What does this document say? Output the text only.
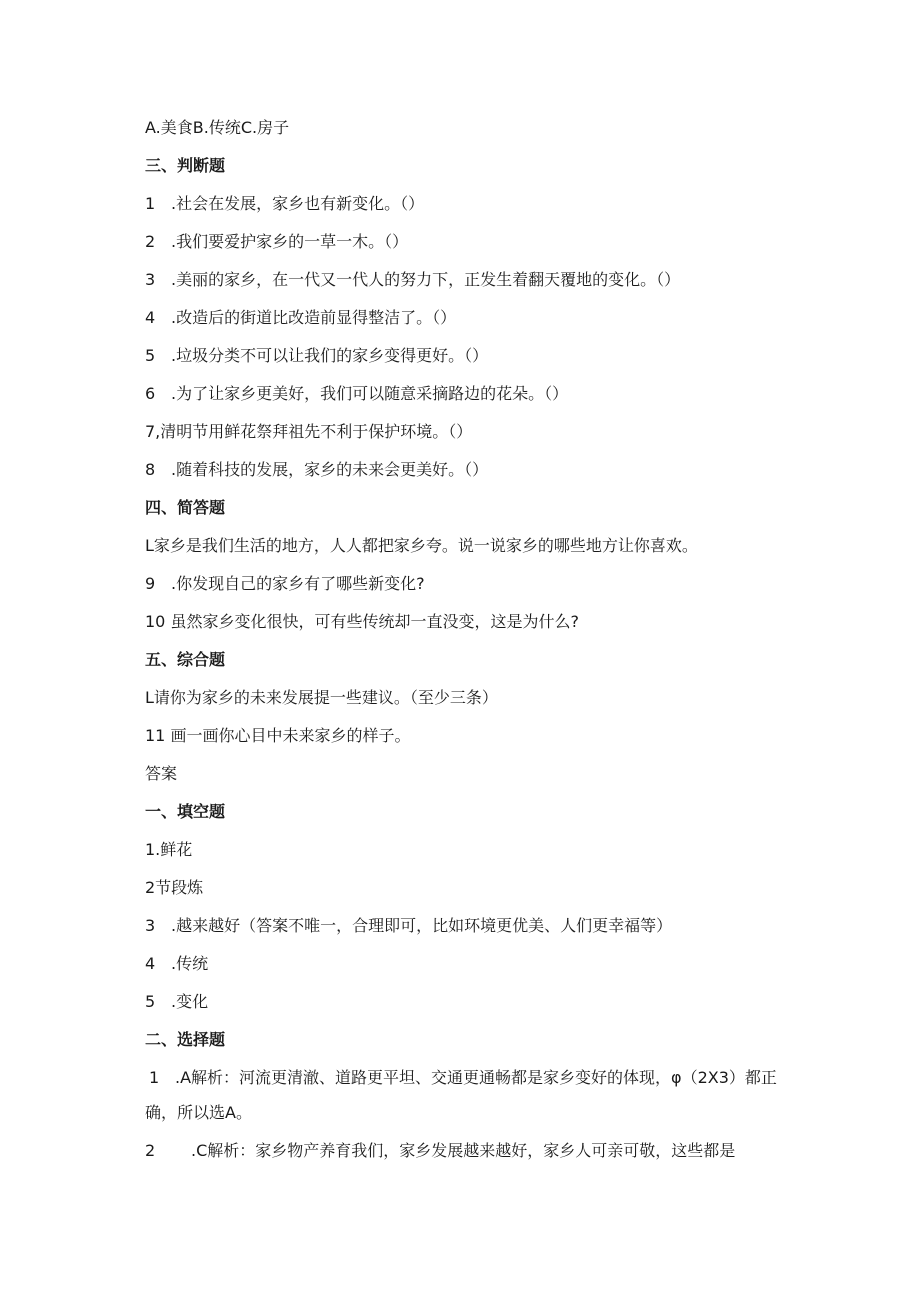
A.美食B.传统C.房子
三、判断题
1 .社会在发展，家乡也有新变化。（）
2 .我们要爱护家乡的一草一木。（）
3 .美丽的家乡，在一代又一代人的努力下，正发生着翻天覆地的变化。（）
4 .改造后的街道比改造前显得整洁了。（）
5 .垃圾分类不可以让我们的家乡变得更好。（）
6 .为了让家乡更美好，我们可以随意采摘路边的花朵。（）
7,清明节用鲜花祭拜祖先不利于保护环境。（）
8 .随着科技的发展，家乡的未来会更美好。（）
四、简答题
L家乡是我们生活的地方，人人都把家乡夸。说一说家乡的哪些地方让你喜欢。
9 .你发现自己的家乡有了哪些新变化?
10 虽然家乡变化很快，可有些传统却一直没变，这是为什么?
五、综合题
L请你为家乡的未来发展提一些建议。（至少三条）
11 画一画你心目中未来家乡的样子。
答案
一、填空题
1.鲜花
2节段炼
3 .越来越好（答案不唯一，合理即可，比如环境更优美、人们更幸福等）
4 .传统
5 .变化
二、选择题
1 .A解析：河流更清澈、道路更平坦、交通更通畅都是家乡变好的体现，φ（2X3）都正
确，所以选A。
2 .C解析：家乡物产养育我们，家乡发展越来越好，家乡人可亲可敬，这些都是
